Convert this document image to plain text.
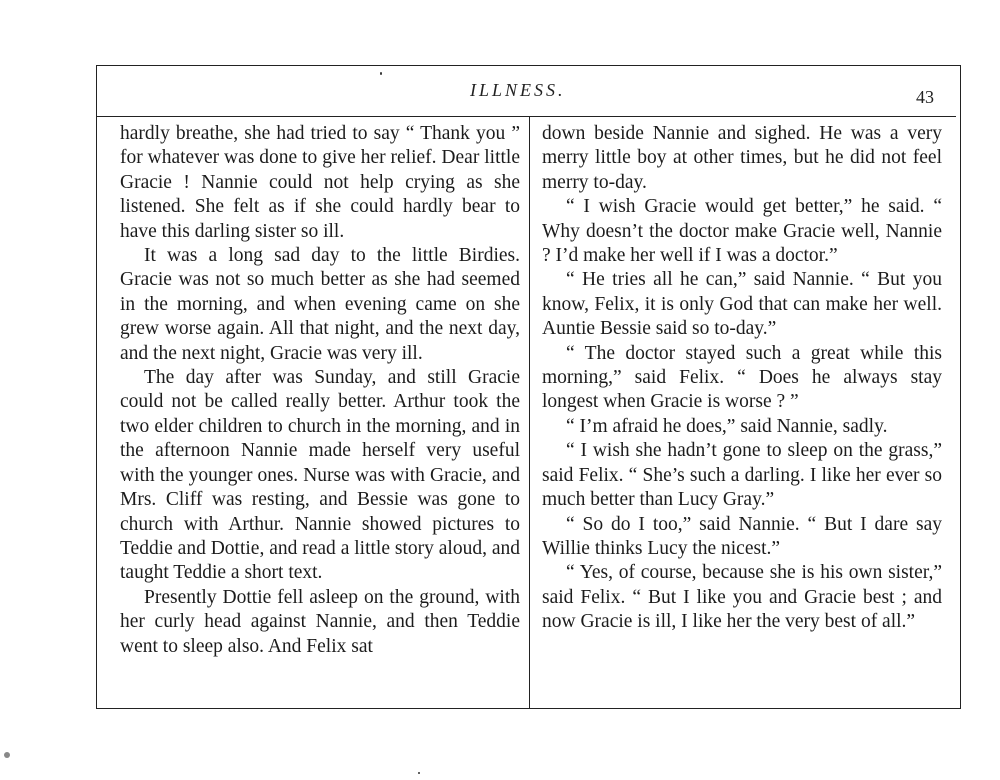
ILLNESS.	43

hardly breathe, she had tried to say “ Thank you ” for whatever was done to give her relief. Dear little Gracie ! Nannie could not help crying as she listened. She felt as if she could hardly bear to have this darling sister so ill.

It was a long sad day to the little Birdies. Gracie was not so much better as she had seemed in the morning, and when evening came on she grew worse again. All that night, and the next day, and the next night, Gracie was very ill.

The day after was Sunday, and still Gracie could not be called really better. Arthur took the two elder children to church in the morning, and in the afternoon Nannie made herself very useful with the younger ones. Nurse was with Gracie, and Mrs. Cliff was resting, and Bessie was gone to church with Arthur. Nannie showed pictures to Teddie and Dottie, and read a little story aloud, and taught Teddie a short text.

Presently Dottie fell asleep on the ground, with her curly head against Nannie, and then Teddie went to sleep also. And Felix sat

down beside Nannie and sighed. He was a very merry little boy at other times, but he did not feel merry to-day.

“ I wish Gracie would get better,” he said. “ Why doesn’t the doctor make Gracie well, Nannie ? I’d make her well if I was a doctor.”

“ He tries all he can,” said Nannie. “ But you know, Felix, it is only God that can make her well. Auntie Bessie said so to-day.”

“ The doctor stayed such a great while this morning,” said Felix. “ Does he always stay longest when Gracie is worse ? ”

“ I’m afraid he does,” said Nannie, sadly.

“ I wish she hadn’t gone to sleep on the grass,” said Felix. “ She’s such a darling. I like her ever so much better than Lucy Gray.”

“ So do I too,” said Nannie. “ But I dare say Willie thinks Lucy the nicest.”

“ Yes, of course, because she is his own sister,” said Felix. “ But I like you and Gracie best ; and now Gracie is ill, I like her the very best of all.”
